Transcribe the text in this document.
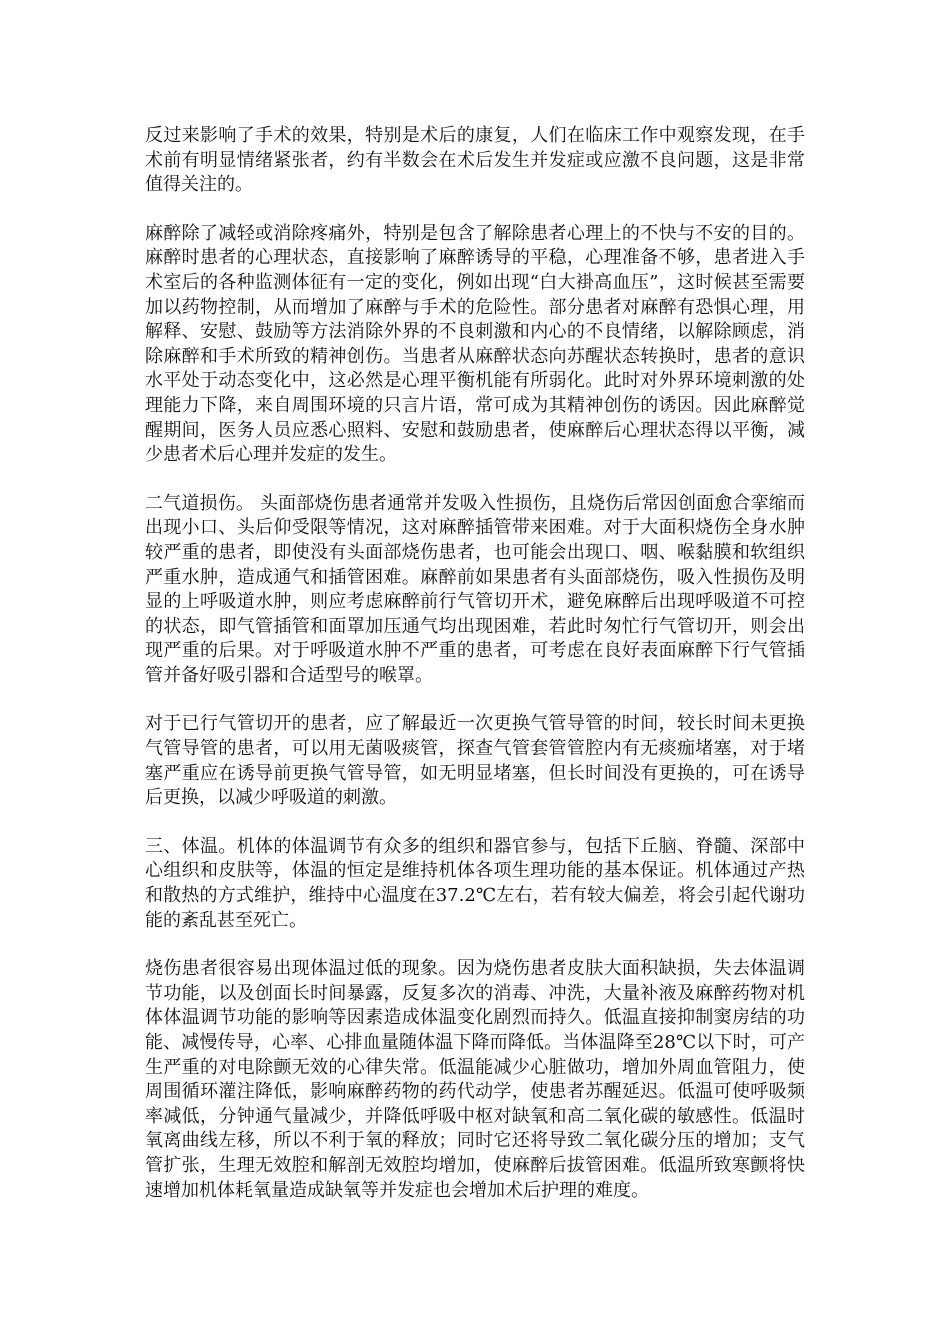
反过来影响了手术的效果，特别是术后的康复，人们在临床工作中观察发现，在手术前有明显情绪紧张者，约有半数会在术后发生并发症或应激不良问题，这是非常值得关注的。

麻醉除了减轻或消除疼痛外，特别是包含了解除患者心理上的不快与不安的目的。麻醉时患者的心理状态，直接影响了麻醉诱导的平稳，心理准备不够，患者进入手术室后的各种监测体征有一定的变化，例如出现“白大褂高血压”，这时候甚至需要加以药物控制，从而增加了麻醉与手术的危险性。部分患者对麻醉有恐惧心理，用解释、安慰、鼓励等方法消除外界的不良刺激和内心的不良情绪，以解除顾虑，消除麻醉和手术所致的精神创伤。当患者从麻醉状态向苏醒状态转换时，患者的意识水平处于动态变化中，这必然是心理平衡机能有所弱化。此时对外界环境刺激的处理能力下降，来自周围环境的只言片语，常可成为其精神创伤的诱因。因此麻醉觉醒期间，医务人员应悉心照料、安慰和鼓励患者，使麻醉后心理状态得以平衡，减少患者术后心理并发症的发生。

二气道损伤。 头面部烧伤患者通常并发吸入性损伤，且烧伤后常因创面愈合挛缩而出现小口、头后仰受限等情况，这对麻醉插管带来困难。对于大面积烧伤全身水肿较严重的患者，即使没有头面部烧伤患者，也可能会出现口、咽、喉黏膜和软组织严重水肿，造成通气和插管困难。麻醉前如果患者有头面部烧伤，吸入性损伤及明显的上呼吸道水肿，则应考虑麻醉前行气管切开术，避免麻醉后出现呼吸道不可控的状态，即气管插管和面罩加压通气均出现困难，若此时匆忙行气管切开，则会出现严重的后果。对于呼吸道水肿不严重的患者，可考虑在良好表面麻醉下行气管插管并备好吸引器和合适型号的喉罩。

对于已行气管切开的患者，应了解最近一次更换气管导管的时间，较长时间未更换气管导管的患者，可以用无菌吸痰管，探查气管套管管腔内有无痰痂堵塞，对于堵塞严重应在诱导前更换气管导管，如无明显堵塞，但长时间没有更换的，可在诱导后更换，以减少呼吸道的刺激。

三、体温。机体的体温调节有众多的组织和器官参与，包括下丘脑、脊髓、深部中心组织和皮肤等，体温的恒定是维持机体各项生理功能的基本保证。机体通过产热和散热的方式维护，维持中心温度在37.2℃左右，若有较大偏差，将会引起代谢功能的紊乱甚至死亡。

烧伤患者很容易出现体温过低的现象。因为烧伤患者皮肤大面积缺损，失去体温调节功能，以及创面长时间暴露，反复多次的消毒、冲洗，大量补液及麻醉药物对机体体温调节功能的影响等因素造成体温变化剧烈而持久。低温直接抑制窦房结的功能、减慢传导，心率、心排血量随体温下降而降低。当体温降至28℃以下时，可产生严重的对电除颤无效的心律失常。低温能减少心脏做功，增加外周血管阻力，使周围循环灌注降低，影响麻醉药物的药代动学，使患者苏醒延迟。低温可使呼吸频率减低，分钟通气量减少，并降低呼吸中枢对缺氧和高二氧化碳的敏感性。低温时氧离曲线左移，所以不利于氧的释放；同时它还将导致二氧化碳分压的增加；支气管扩张，生理无效腔和解剖无效腔均增加，使麻醉后拔管困难。低温所致寒颤将快速增加机体耗氧量造成缺氧等并发症也会增加术后护理的难度。
